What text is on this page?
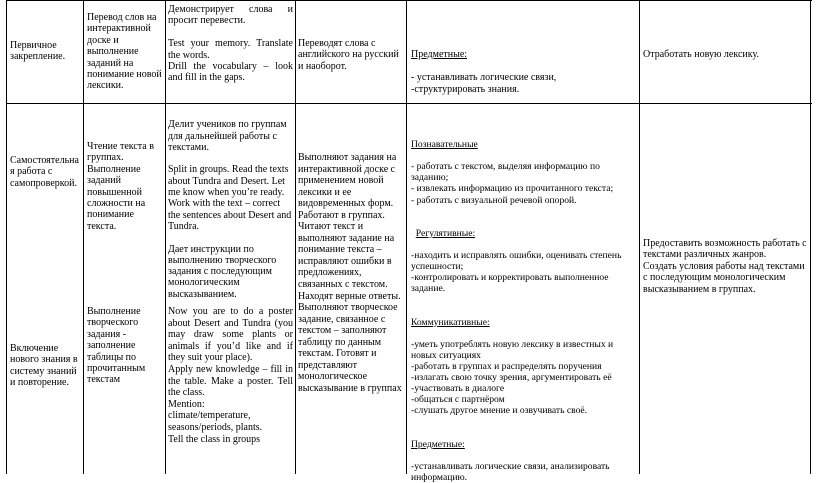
Первичное
закрепление.
Перевод слов на интерактивной доске и выполнение заданий на понимание новой лексики.
Демонстрирует слова и просит перевести.

Test your memory. Translate the words.
Drill the vocabulary – look and fill in the gaps.
Переводят слова с английского на русский и наоборот.

Предметные:

- устанавливать логические связи,
-структурировать знания.

Отработать новую лексику.
Самостоятельна
я работа с
самопроверкой.
Включение
нового знания в
систему знаний
и повторение.
Чтение текста в группах.
Выполнение заданий повышенной сложности на понимание текста.
Выполнение творческого задания - заполнение таблицы по прочитанным текстам

Делит учеников по группам для дальнейшей работы с текстами.

Split in groups. Read the texts about Tundra and Desert. Let me know when you’re ready.
Work with the text – correct the sentences about Desert and Tundra.

Дает инструкции по выполнению творческого задания с последующим монологическим высказыванием.

Now you are to do a poster about Desert and Tundra (you may draw some plants or animals if you’d like and if they suit your place).
Apply new knowledge – fill in the table. Make a poster. Tell the class.
Mention:
climate/temperature,
seasons/periods, plants.
Tell the class in groups
Выполняют задания на интерактивной доске с применением новой лексики и ее видовременных форм.
Работают в группах.
Читают текст и выполняют задание на понимание текста – исправляют ошибки в предложениях, связанных с текстом.
Находят верные ответы.
Выполняют творческое задание, связанное с текстом – заполняют таблицу по данным текстам. Готовят и представляют монологическое высказывание в группах

Познавательные

- работать с текстом, выделяя информацию по заданию;
- извлекать информацию из прочитанного текста;
- работать с визуальной речевой опорой.

Регулятивные:

-находить и исправлять ошибки, оценивать степень успешности;
-контролировать и корректировать выполненное задание.

Коммуникативные:

-уметь употреблять новую лексику в известных и новых ситуациях
-работать в группах и распределять поручения
-излагать свою точку зрения, аргументировать её
-участвовать в диалоге
-общаться с партнёром
-слушать другое мнение и озвучивать своё.

Предметные:

-устанавливать логические связи, анализировать информацию.

Предоставить возможность работать с текстами различных жанров.
Создать условия работы над текстами с последующим монологическим высказыванием в группах.
